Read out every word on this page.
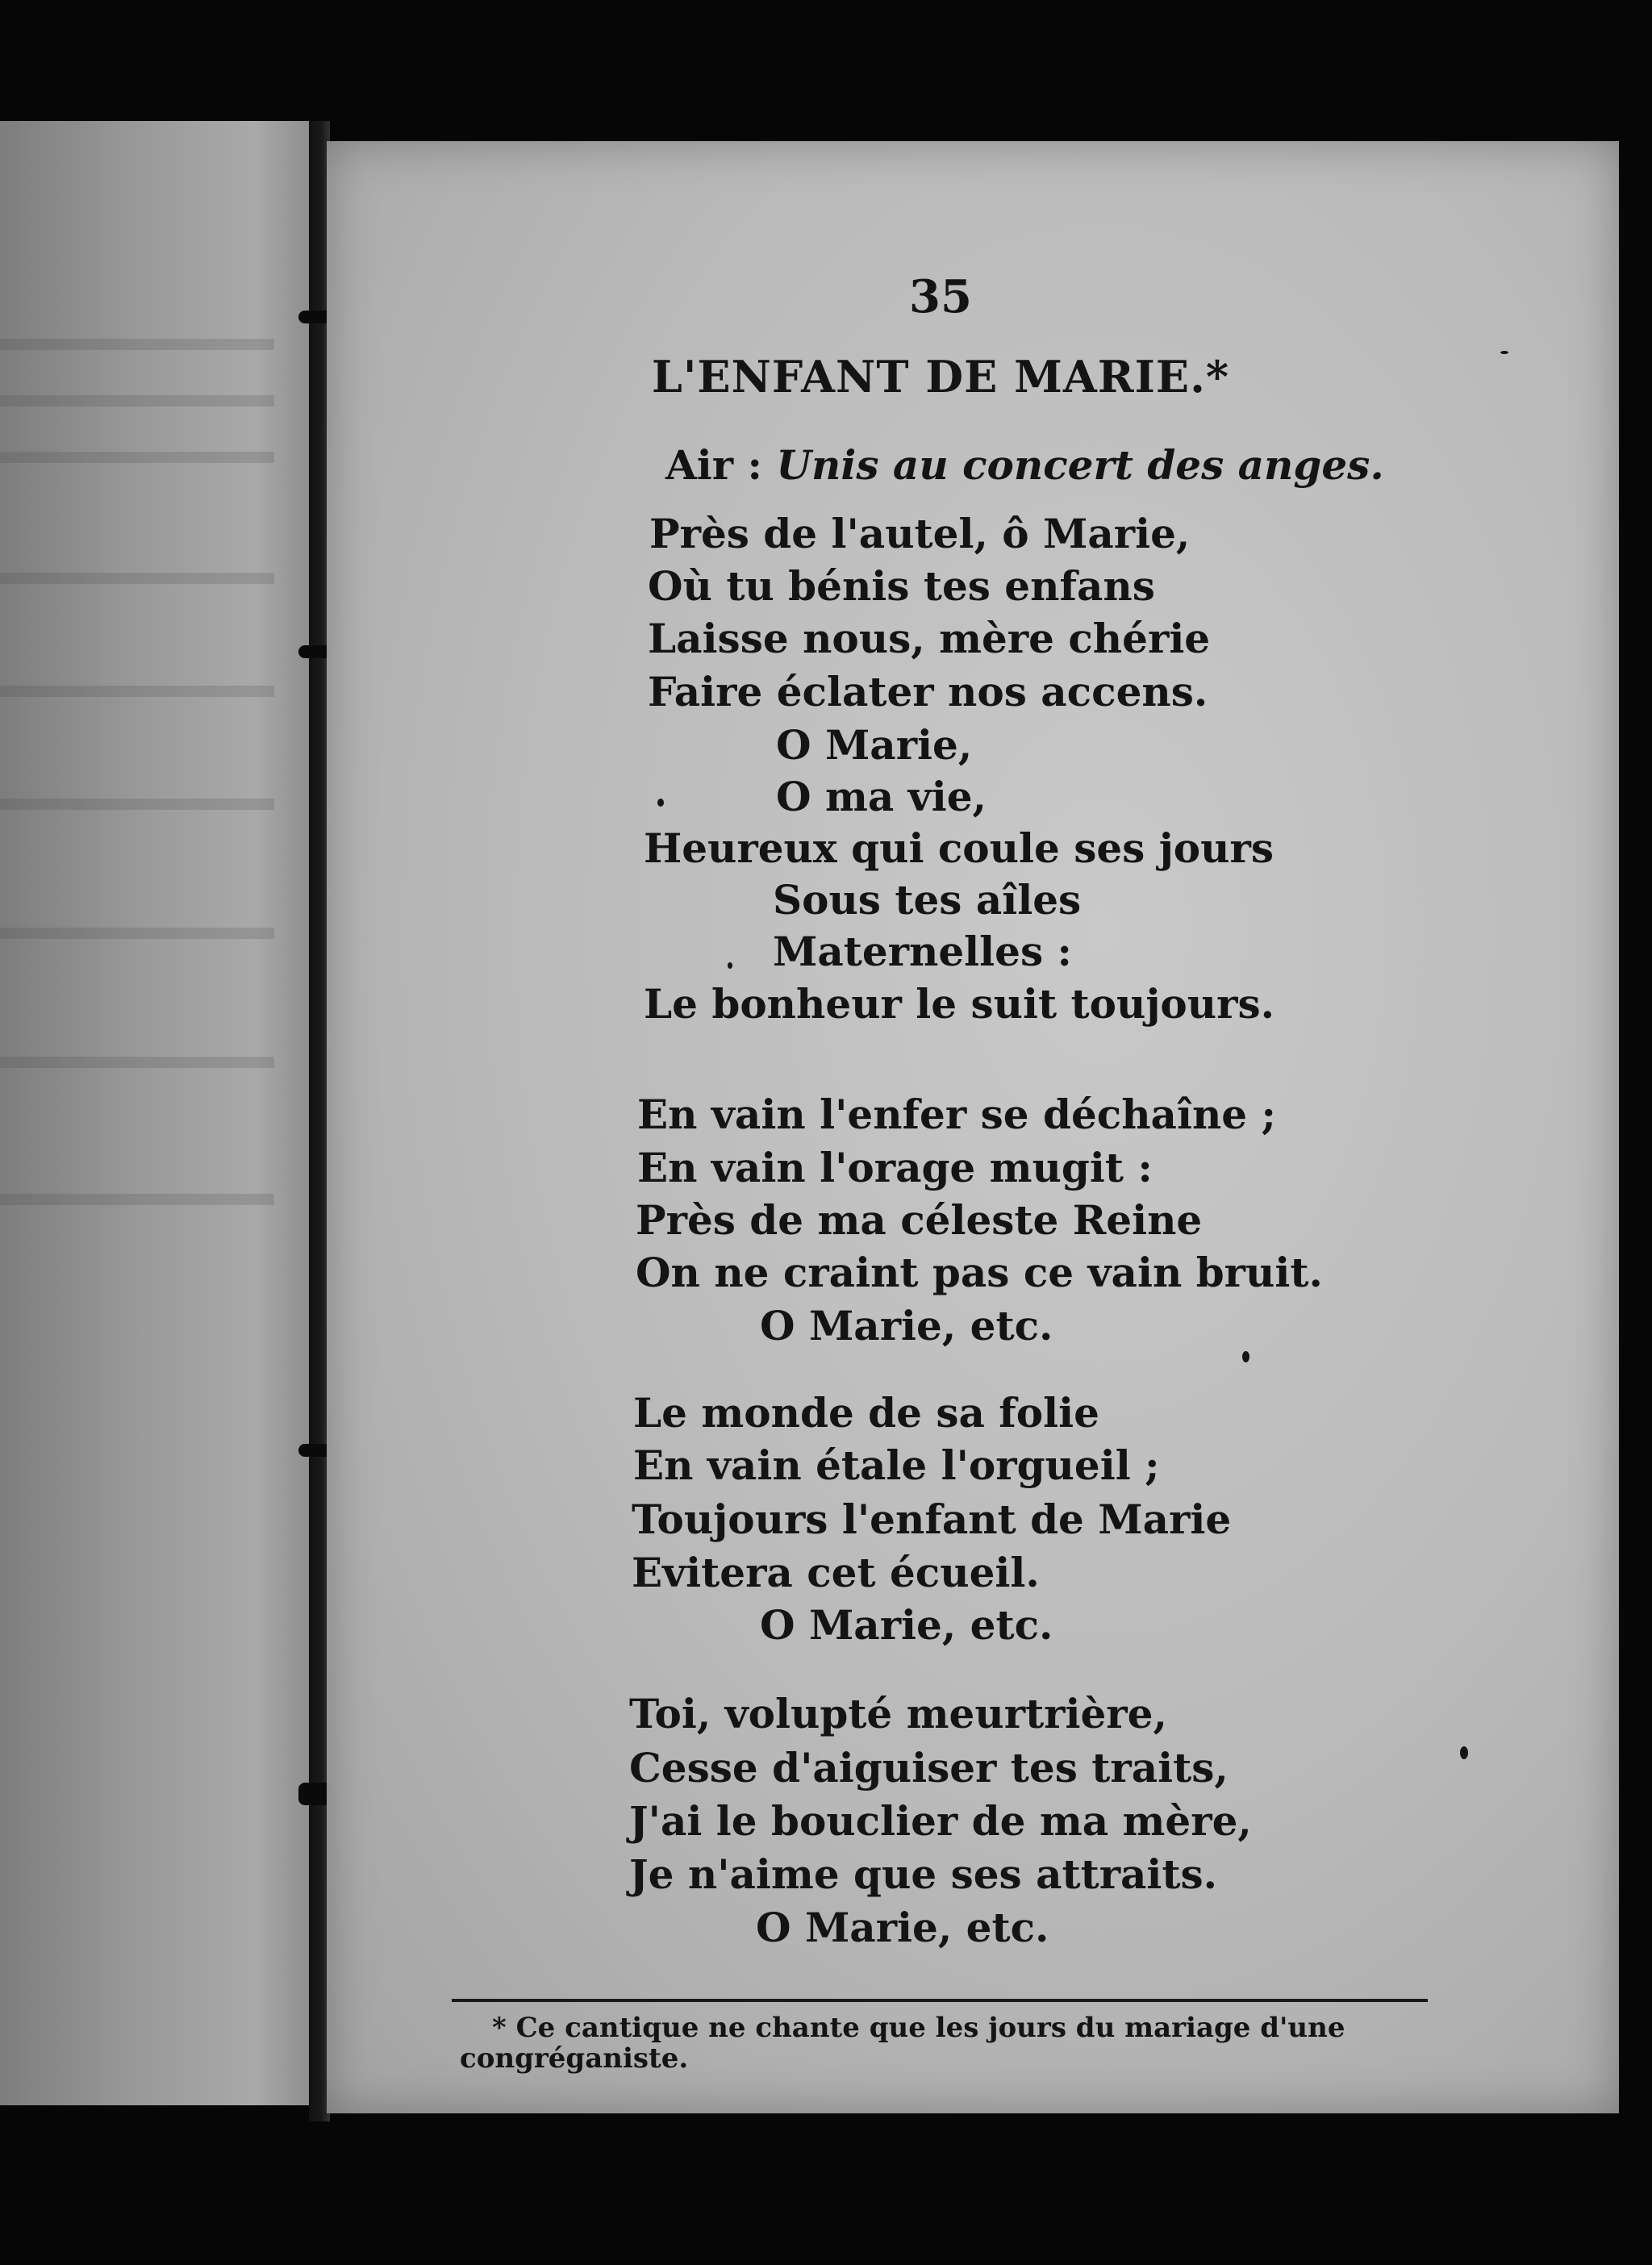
35
L'ENFANT DE MARIE.*
Air : Unis au concert des anges.
Près de l'autel, ô Marie,
Où tu bénis tes enfans
Laisse nous, mère chérie
Faire éclater nos accens.
O Marie,
O ma vie,
Heureux qui coule ses jours
Sous tes aîles
Maternelles :
Le bonheur le suit toujours.
En vain l'enfer se déchaîne ;
En vain l'orage mugit :
Près de ma céleste Reine
On ne craint pas ce vain bruit.
O Marie, etc.
Le monde de sa folie
En vain étale l'orgueil ;
Toujours l'enfant de Marie
Evitera cet écueil.
O Marie, etc.
Toi, volupté meurtrière,
Cesse d'aiguiser tes traits,
J'ai le bouclier de ma mère,
Je n'aime que ses attraits.
O Marie, etc.
* Ce cantique ne chante que les jours du mariage d'une
congréganiste.
